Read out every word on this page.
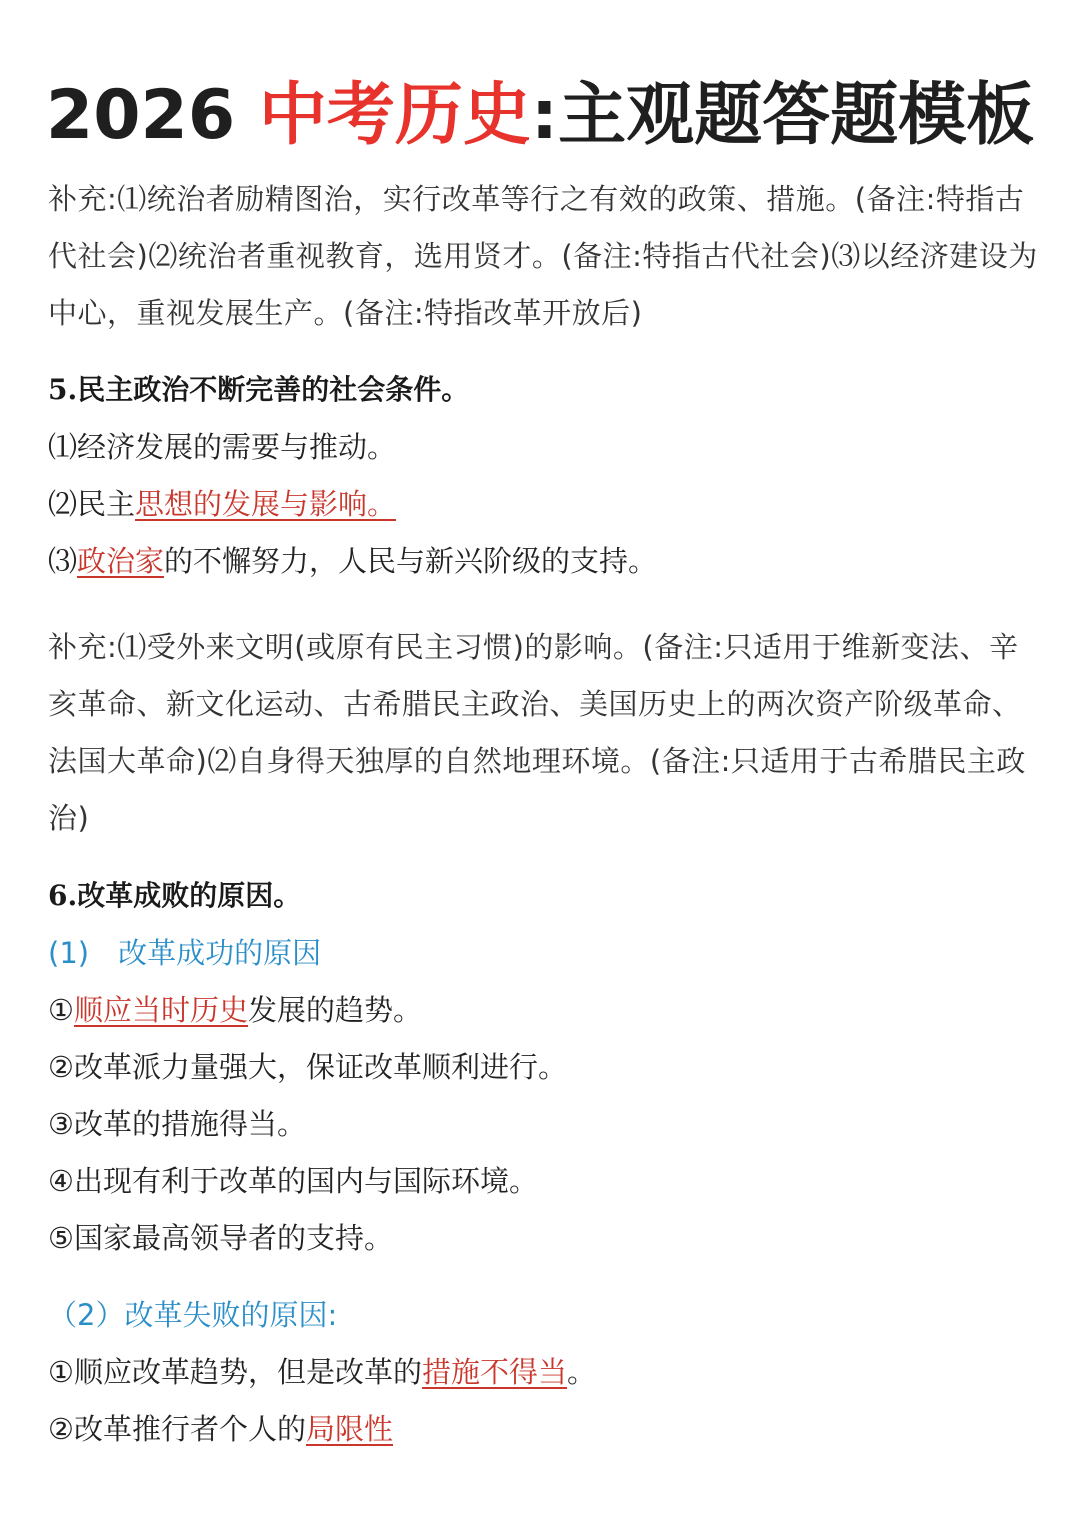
2026 中考历史:主观题答题模板
补充:⑴统治者励精图治，实行改革等行之有效的政策、措施。(备注:特指古代社会)⑵统治者重视教育，选用贤才。(备注:特指古代社会)⑶以经济建设为中心，重视发展生产。(备注:特指改革开放后)
5.民主政治不断完善的社会条件。
⑴经济发展的需要与推动。
⑵民主思想的发展与影响。
⑶政治家的不懈努力，人民与新兴阶级的支持。
补充:⑴受外来文明(或原有民主习惯)的影响。(备注:只适用于维新变法、辛亥革命、新文化运动、古希腊民主政治、美国历史上的两次资产阶级革命、法国大革命)⑵自身得天独厚的自然地理环境。(备注:只适用于古希腊民主政治)
6.改革成败的原因。
(1)　改革成功的原因
①顺应当时历史发展的趋势。
②改革派力量强大，保证改革顺利进行。
③改革的措施得当。
④出现有利于改革的国内与国际环境。
⑤国家最高领导者的支持。
（2）改革失败的原因:
①顺应改革趋势，但是改革的措施不得当。
②改革推行者个人的局限性
